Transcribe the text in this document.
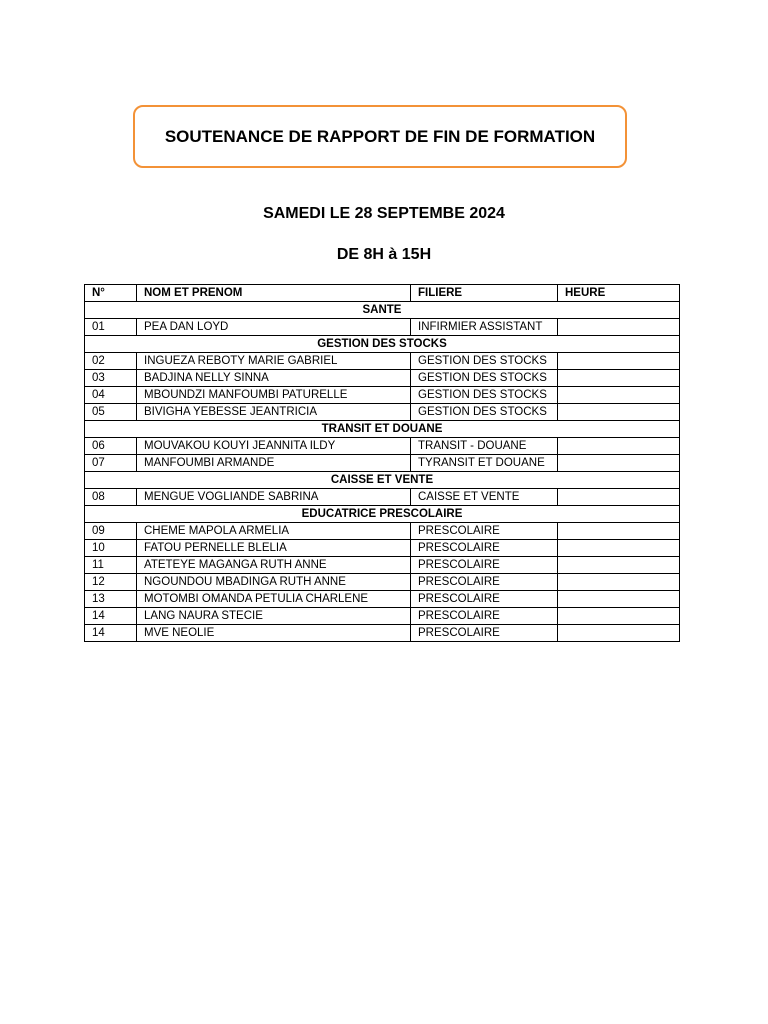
SOUTENANCE DE RAPPORT DE FIN DE FORMATION
SAMEDI LE 28 SEPTEMBE 2024
DE 8H à 15H
N°	NOM ET PRENOM	FILIERE	HEURE
SANTE			
01	PEA DAN LOYD	INFIRMIER ASSISTANT	
GESTION DES STOCKS			
02	INGUEZA REBOTY MARIE GABRIEL	GESTION DES STOCKS	
03	BADJINA NELLY SINNA	GESTION DES STOCKS	
04	MBOUNDZI MANFOUMBI PATURELLE	GESTION DES STOCKS	
05	BIVIGHA YEBESSE JEANTRICIA	GESTION DES STOCKS	
TRANSIT ET DOUANE			
06	MOUVAKOU KOUYI JEANNITA ILDY	TRANSIT - DOUANE	
07	MANFOUMBI ARMANDE	TYRANSIT ET DOUANE	
CAISSE ET VENTE			
08	MENGUE VOGLIANDE SABRINA	CAISSE ET VENTE	
EDUCATRICE PRESCOLAIRE			
09	CHEME MAPOLA ARMELIA	PRESCOLAIRE	
10	FATOU PERNELLE BLELIA	PRESCOLAIRE	
11	ATETEYE MAGANGA RUTH ANNE	PRESCOLAIRE	
12	NGOUNDOU MBADINGA RUTH ANNE	PRESCOLAIRE	
13	MOTOMBI OMANDA PETULIA CHARLENE	PRESCOLAIRE	
14	LANG NAURA STECIE	PRESCOLAIRE	
14	MVE NEOLIE	PRESCOLAIRE	
